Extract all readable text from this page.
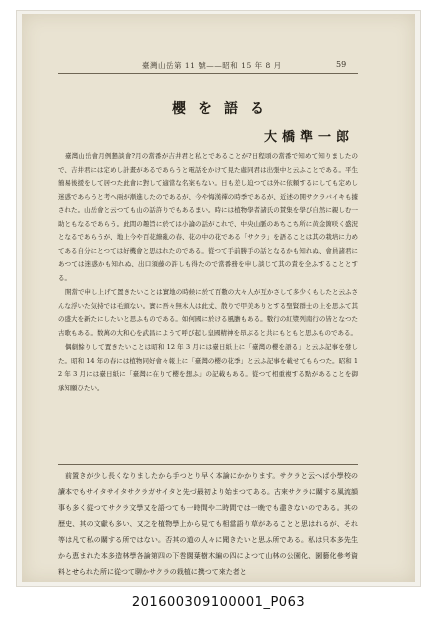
臺灣山岳第 11 號——昭和 15 年 8 月	59
櫻を語る
大橋準一郎

臺灣山岳會月例懇談會?月の當番が吉井君と私とであることが?日程頃の當番で知めて知りましたので、吉井君には定めし計畫があるであらうと電話をかけて見た處同君は出張中と云ふことである。平生簡易後援をして居つた此會に對して適當な名案もない。日も差し迫つては外に依頼するにしても定めし迷惑であらうと考へ兩が漸進したのであるが、今や悔漢禪の時季であるが、近述の開サクラバイキも據された。山岳會と云つても山の話許りでもあるまい。時には植物學者諸氏の賛集を學び自然に親しむ一助ともなるであらう。此間の趣旨に於ては小論の話がこれで、中央山脈のあちこち所に黄金箇咲く盛況となるであらうが、地上今や百花繚亂の春、花の中の花である「サクラ」を語ることは其の栽培に力めてある自分にとつては好機會と思はれたのである。從つて手前勝手の話となるかも知れぬ、會員諸君にあつては迷惑かも知れぬ、出口須藤の許しも得たので當番務を申し談じて其の責を全ふすることとする。

開當で申し上げて置きたいことは實地の時候に於て百數の大々人が互かさして多少くもしたと云ふさんな浮いた気持では毛頭ない。實に吾々無木人は此丈、散りで甲美ありとする聖賢群士の上を思ふて其の盛大を新たにしたいと思ふものである。如何國に於ける風膽もある。數行の紅漿列南行の皆となつた古歌もある。数萬の大和心を武昌にようて呼び起し皇國精神を昂ぶると共にもともと思ふものである。

偶劇餘りして置きたいことは昭和 12 年 3 月には臺日紙上に「臺灣の櫻を語る」と云ふ記事を發した。昭和 14 年の春には植物同好會々報上に「臺灣の櫻の花季」と云ふ記事を載せてもらつた。昭和 12 年 3 月には臺日紙に「臺灣に在りて櫻を想ふ」の記載もある。從つて相重複する點があることを御承知願ひたい。

前置きが少し長くなりましたから手つとり早く本論にかかります。サクラと云へば小學校の讀本でもサイタサイタサクラガサイタと先づ最初より始まつてある。古來サクラに關する風流韻事も多く從つてサクラ文學又を語つても一時間や二時間では一晩でも盡きないのである。其の歴史、其の文獻も多い、又之を植物學上から見ても相當語り草があることと思はれるが、それ等は凡て私の關する所ではない。否其の道の人々に聞きたいと思ふ所である。私は只本多先生から恵まれた本多造林學各論第四の下巻闊葉樹木編の四によつて山林の公園化、園藝化參考資料とせられた所に從つて聊かサクラの栽植に携つて來た者と

20160030910​0001_P063
